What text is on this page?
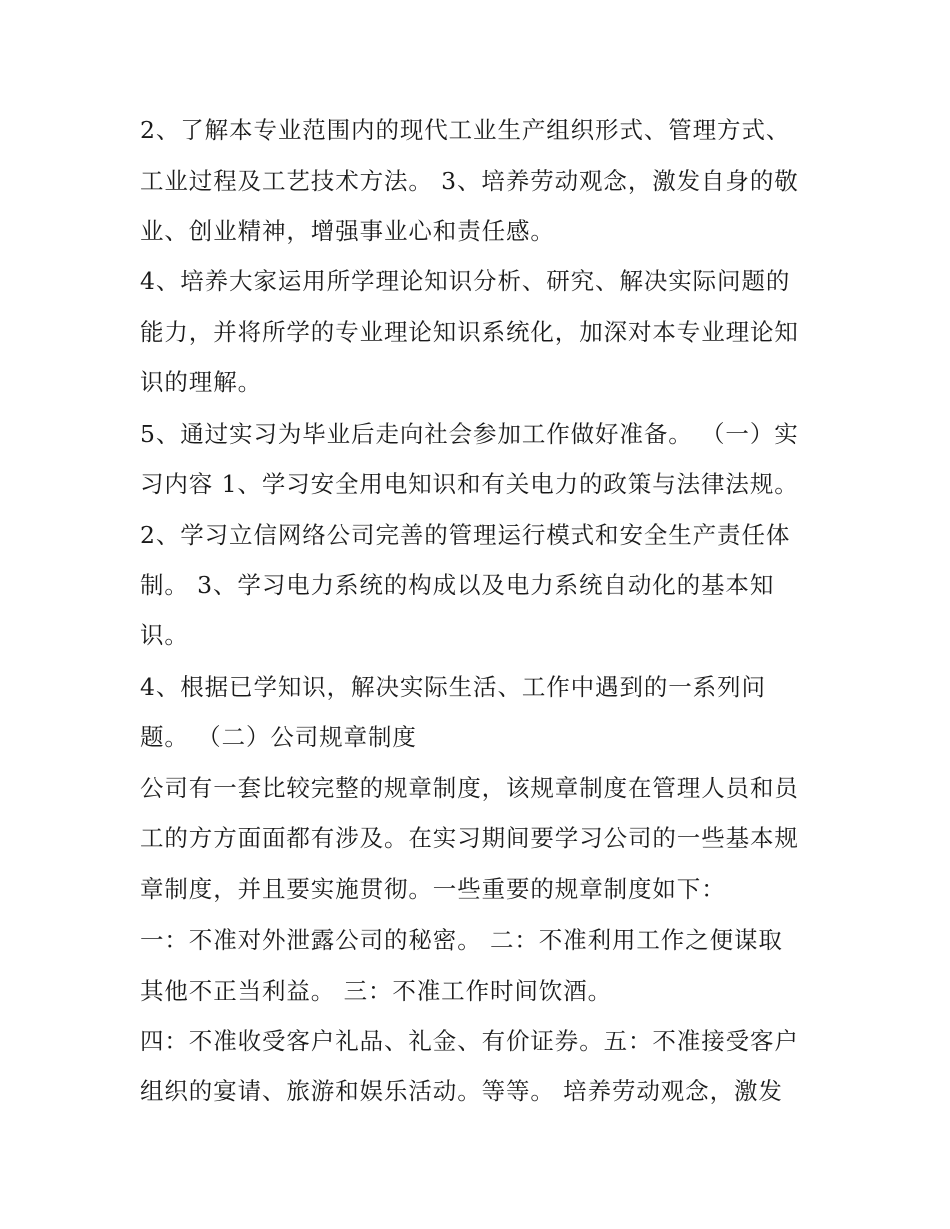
2、了解本专业范围内的现代工业生产组织形式、管理方式、
工业过程及工艺技术方法。 3、培养劳动观念，激发自身的敬
业、创业精神，增强事业心和责任感。
4、培养大家运用所学理论知识分析、研究、解决实际问题的
能力，并将所学的专业理论知识系统化，加深对本专业理论知
识的理解。
5、通过实习为毕业后走向社会参加工作做好准备。 （一）实
习内容 1、学习安全用电知识和有关电力的政策与法律法规。
2、学习立信网络公司完善的管理运行模式和安全生产责任体
制。 3、学习电力系统的构成以及电力系统自动化的基本知
识。
4、根据已学知识，解决实际生活、工作中遇到的一系列问
题。 （二）公司规章制度
公司有一套比较完整的规章制度，该规章制度在管理人员和员
工的方方面面都有涉及。在实习期间要学习公司的一些基本规
章制度，并且要实施贯彻。一些重要的规章制度如下：
一：不准对外泄露公司的秘密。 二：不准利用工作之便谋取
其他不正当利益。 三：不准工作时间饮酒。
四：不准收受客户礼品、礼金、有价证券。五：不准接受客户
组织的宴请、旅游和娱乐活动。等等。 培养劳动观念，激发
